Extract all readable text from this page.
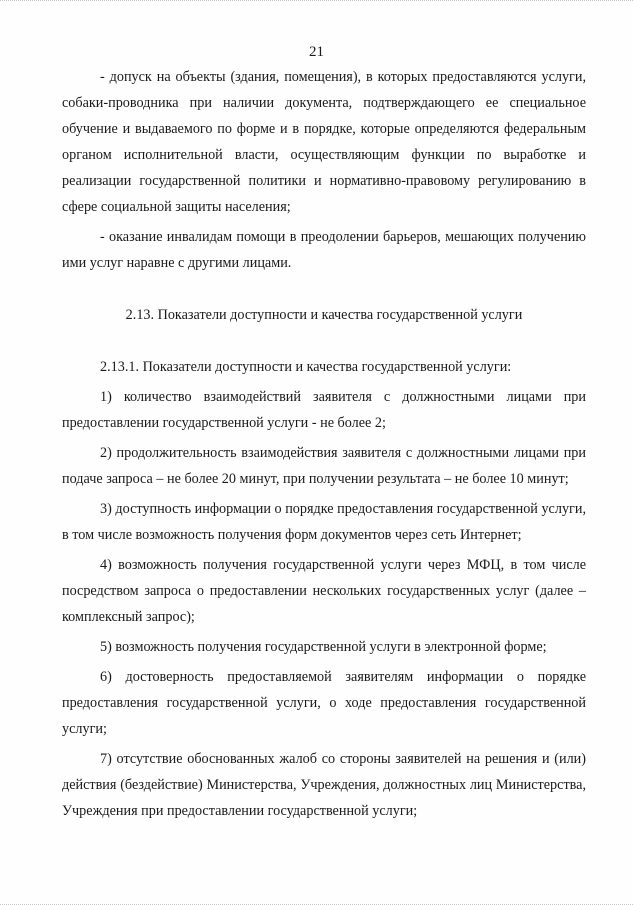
21

- допуск на объекты (здания, помещения), в которых предоставляются услуги, собаки-проводника при наличии документа, подтверждающего ее специальное обучение и выдаваемого по форме и в порядке, которые определяются федеральным органом исполнительной власти, осуществляющим функции по выработке и реализации государственной политики и нормативно-правовому регулированию в сфере социальной защиты населения;

- оказание инвалидам помощи в преодолении барьеров, мешающих получению ими услуг наравне с другими лицами.

2.13. Показатели доступности и качества государственной услуги

2.13.1. Показатели доступности и качества государственной услуги:

1) количество взаимодействий заявителя с должностными лицами при предоставлении государственной услуги - не более 2;

2) продолжительность взаимодействия заявителя с должностными лицами при подаче запроса – не более 20 минут, при получении результата – не более 10 минут;

3) доступность информации о порядке предоставления государственной услуги, в том числе возможность получения форм документов через сеть Интернет;

4) возможность получения государственной услуги через МФЦ, в том числе посредством запроса о предоставлении нескольких государственных услуг (далее – комплексный запрос);

5) возможность получения государственной услуги в электронной форме;

6) достоверность предоставляемой заявителям информации о порядке предоставления государственной услуги, о ходе предоставления государственной услуги;

7) отсутствие обоснованных жалоб со стороны заявителей на решения и (или) действия (бездействие) Министерства, Учреждения, должностных лиц Министерства, Учреждения при предоставлении государственной услуги;
